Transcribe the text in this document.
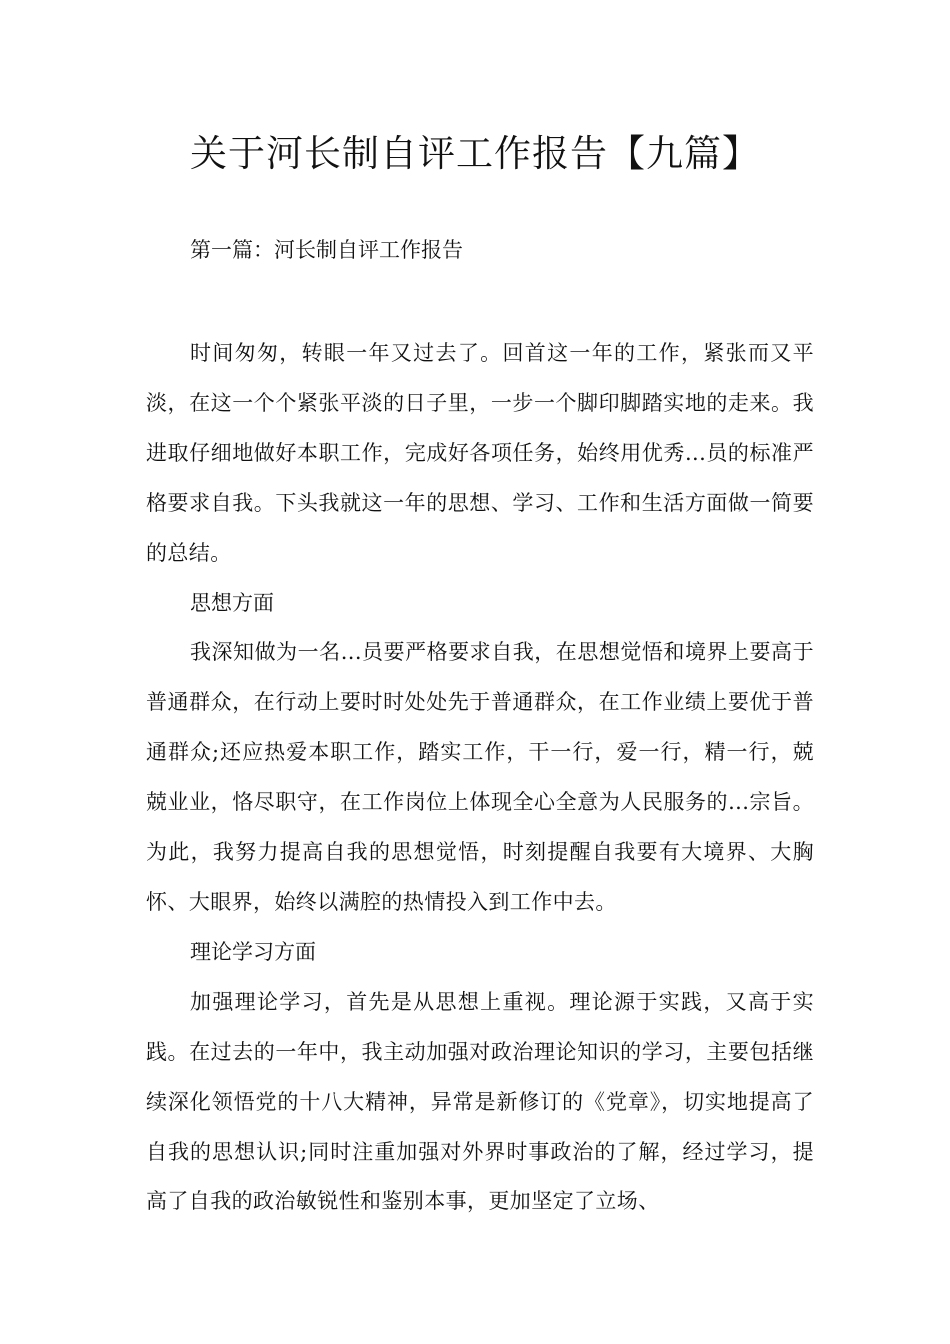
关于河长制自评工作报告【九篇】

第一篇：河长制自评工作报告

时间匆匆，转眼一年又过去了。回首这一年的工作，紧张而又平淡，在这一个个紧张平淡的日子里，一步一个脚印脚踏实地的走来。我进取仔细地做好本职工作，完成好各项任务，始终用优秀...员的标准严格要求自我。下头我就这一年的思想、学习、工作和生活方面做一简要的总结。

思想方面

我深知做为一名...员要严格要求自我，在思想觉悟和境界上要高于普通群众，在行动上要时时处处先于普通群众，在工作业绩上要优于普通群众;还应热爱本职工作，踏实工作，干一行，爱一行，精一行，兢兢业业，恪尽职守，在工作岗位上体现全心全意为人民服务的...宗旨。为此，我努力提高自我的思想觉悟，时刻提醒自我要有大境界、大胸怀、大眼界，始终以满腔的热情投入到工作中去。

理论学习方面

加强理论学习，首先是从思想上重视。理论源于实践，又高于实践。在过去的一年中，我主动加强对政治理论知识的学习，主要包括继续深化领悟党的十八大精神，异常是新修订的《党章》，切实地提高了自我的思想认识;同时注重加强对外界时事政治的了解，经过学习，提高了自我的政治敏锐性和鉴别本事，更加坚定了立场、
